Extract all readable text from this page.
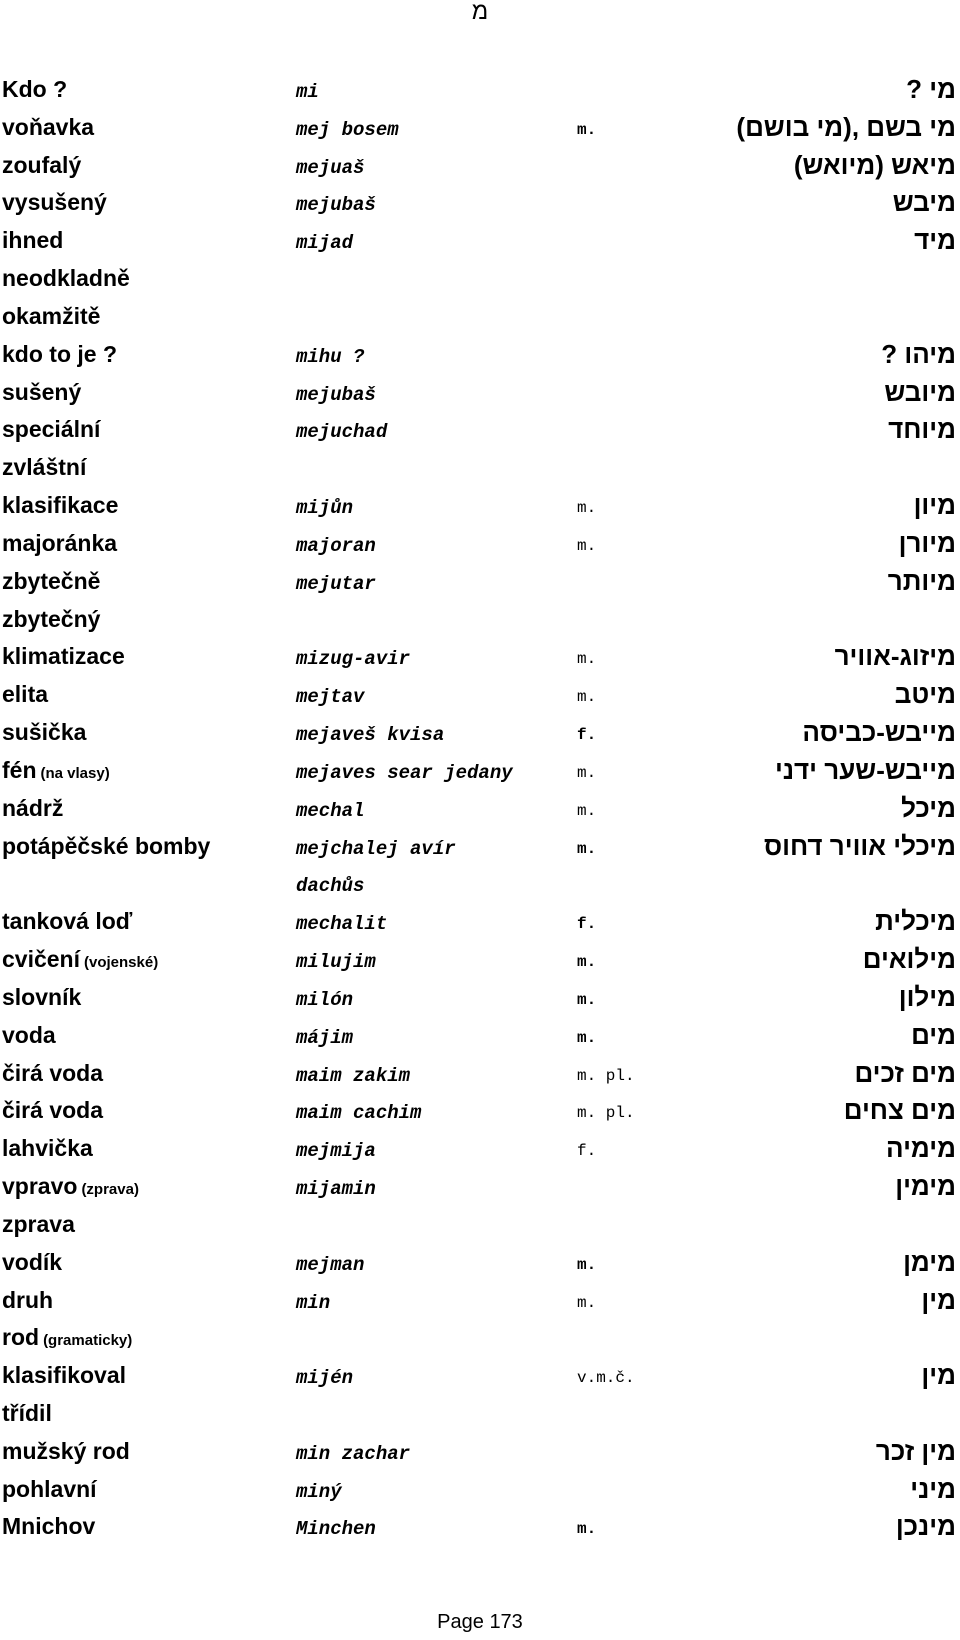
מ
Kdo ?	mi	מי ?
voňavka	mej bosem	m.	מי בשם ,(מי בושם)
zoufalý	mejuaš	מיאש (מיואש)
vysušený	mejubaš	מיבש
ihned	mijad	מיד
neodkladně
okamžitě
kdo to je ?	mihu ?	מיהו ?
sušený	mejubaš	מיובש
speciální	mejuchad	מיוחד
zvláštní
klasifikace	mijůn	m.	מיון
majoránka	majoran	m.	מיורן
zbytečně	mejutar	מיותר
zbytečný
klimatizace	mizug-avir	m.	מיזוג-אוויר
elita	mejtav	m.	מיטב
sušička	mejaveš kvisa	f.	מייבש-כביסה
fén (na vlasy)	mejaves sear jedany	m.	מייבש-שער ידני
nádrž	mechal	m.	מיכל
potápěčské bomby	mejchalej avír	m.	מיכלי אוויר דחוס
dachůs
tanková loď	mechalit	f.	מיכלית
cvičení (vojenské)	milujim	m.	מילואים
slovník	milón	m.	מילון
voda	májim	m.	מים
čirá voda	maim zakim	m. pl.	מים זכים
čirá voda	maim cachim	m. pl.	מים צחים
lahvička	mejmija	f.	מימיה
vpravo (zprava)	mijamin	מימין
zprava
vodík	mejman	m.	מימן
druh	min	m.	מין
rod (gramaticky)
klasifikoval	mijén	v.m.č.	מין
třídil
mužský rod	min zachar	מין זכר
pohlavní	miný	מיני
Mnichov	Minchen	m.	מינכן
Page 173
